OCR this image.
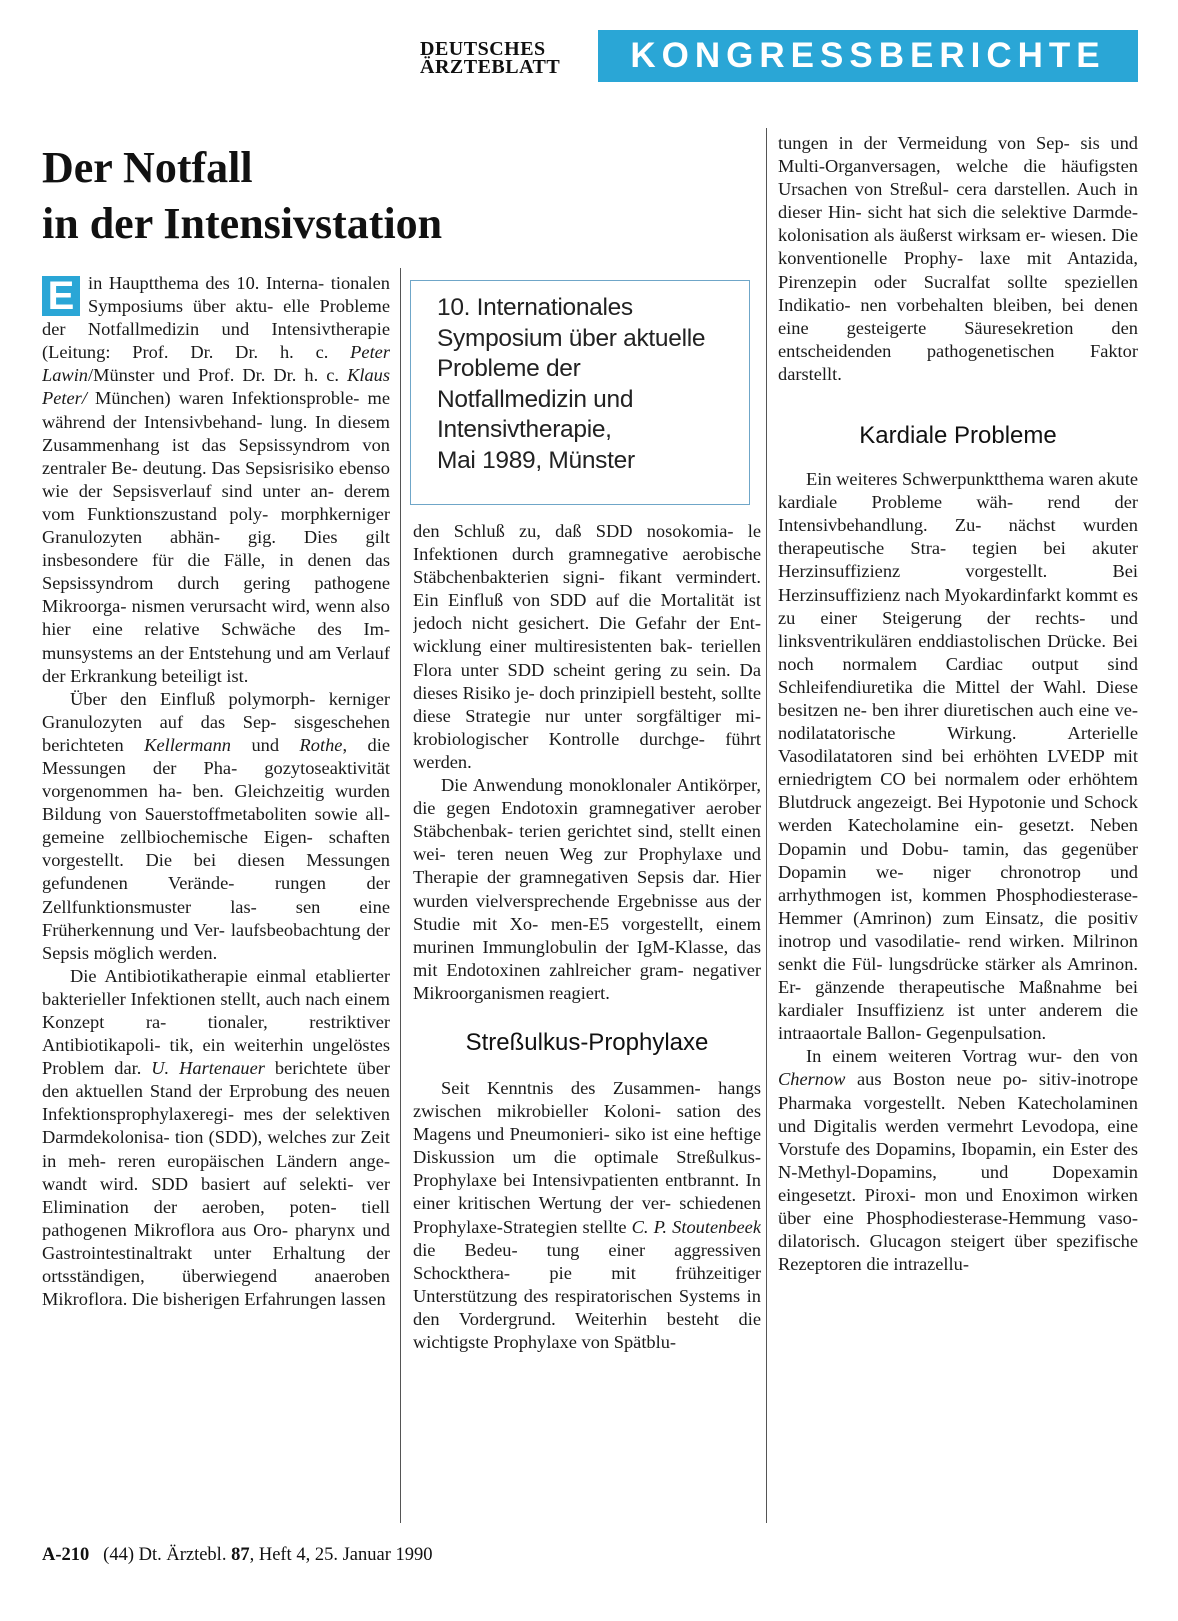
DEUTSCHES
ÄRZTEBLATT	KONGRESSBERICHTE
Der Notfall
in der Intensivstation

E in Hauptthema des 10. Interna- tionalen Symposiums über aktu- elle Probleme der Notfallmedizin und Intensivtherapie (Leitung: Prof. Dr. Dr. h. c. Peter Lawin/Münster und Prof. Dr. Dr. h. c. Klaus Peter/ München) waren Infektionsproble- me während der Intensivbehand- lung. In diesem Zusammenhang ist das Sepsissyndrom von zentraler Be- deutung. Das Sepsisrisiko ebenso wie der Sepsisverlauf sind unter an- derem vom Funktionszustand poly- morphkerniger Granulozyten abhän- gig. Dies gilt insbesondere für die Fälle, in denen das Sepsissyndrom durch gering pathogene Mikroorga- nismen verursacht wird, wenn also hier eine relative Schwäche des Im- munsystems an der Entstehung und am Verlauf der Erkrankung beteiligt ist.

Über den Einfluß polymorph- kerniger Granulozyten auf das Sep- sisgeschehen berichteten Kellermann und Rothe, die Messungen der Pha- gozytoseaktivität vorgenommen ha- ben. Gleichzeitig wurden Bildung von Sauerstoffmetaboliten sowie all- gemeine zellbiochemische Eigen- schaften vorgestellt. Die bei diesen Messungen gefundenen Verände- rungen der Zellfunktionsmuster las- sen eine Früherkennung und Ver- laufsbeobachtung der Sepsis möglich werden.

Die Antibiotikatherapie einmal etablierter bakterieller Infektionen stellt, auch nach einem Konzept ra- tionaler, restriktiver Antibiotikapoli- tik, ein weiterhin ungelöstes Problem dar. U. Hartenauer berichtete über den aktuellen Stand der Erprobung des neuen Infektionsprophylaxeregi- mes der selektiven Darmdekolonisa- tion (SDD), welches zur Zeit in meh- reren europäischen Ländern ange- wandt wird. SDD basiert auf selekti- ver Elimination der aeroben, poten- tiell pathogenen Mikroflora aus Oro- pharynx und Gastrointestinaltrakt unter Erhaltung der ortsständigen, überwiegend anaeroben Mikroflora. Die bisherigen Erfahrungen lassen

10. Internationales
Symposium über aktuelle
Probleme der
Notfallmedizin und
Intensivtherapie,
Mai 1989, Münster

den Schluß zu, daß SDD nosokomia- le Infektionen durch gramnegative aerobische Stäbchenbakterien signi- fikant vermindert. Ein Einfluß von SDD auf die Mortalität ist jedoch nicht gesichert. Die Gefahr der Ent- wicklung einer multiresistenten bak- teriellen Flora unter SDD scheint gering zu sein. Da dieses Risiko je- doch prinzipiell besteht, sollte diese Strategie nur unter sorgfältiger mi- krobiologischer Kontrolle durchge- führt werden.

Die Anwendung monoklonaler Antikörper, die gegen Endotoxin gramnegativer aerober Stäbchenbak- terien gerichtet sind, stellt einen wei- teren neuen Weg zur Prophylaxe und Therapie der gramnegativen Sepsis dar. Hier wurden vielversprechende Ergebnisse aus der Studie mit Xo- men-E5 vorgestellt, einem murinen Immunglobulin der IgM-Klasse, das mit Endotoxinen zahlreicher gram- negativer Mikroorganismen reagiert.

Streßulkus-Prophylaxe

Seit Kenntnis des Zusammen- hangs zwischen mikrobieller Koloni- sation des Magens und Pneumonieri- siko ist eine heftige Diskussion um die optimale Streßulkus-Prophylaxe bei Intensivpatienten entbrannt. In einer kritischen Wertung der ver- schiedenen Prophylaxe-Strategien stellte C. P. Stoutenbeek die Bedeu- tung einer aggressiven Schockthera- pie mit frühzeitiger Unterstützung des respiratorischen Systems in den Vordergrund. Weiterhin besteht die wichtigste Prophylaxe von Spätblu-

tungen in der Vermeidung von Sep- sis und Multi-Organversagen, welche die häufigsten Ursachen von Streßul- cera darstellen. Auch in dieser Hin- sicht hat sich die selektive Darmde- kolonisation als äußerst wirksam er- wiesen. Die konventionelle Prophy- laxe mit Antazida, Pirenzepin oder Sucralfat sollte speziellen Indikatio- nen vorbehalten bleiben, bei denen eine gesteigerte Säuresekretion den entscheidenden pathogenetischen Faktor darstellt.

Kardiale Probleme

Ein weiteres Schwerpunktthema waren akute kardiale Probleme wäh- rend der Intensivbehandlung. Zu- nächst wurden therapeutische Stra- tegien bei akuter Herzinsuffizienz vorgestellt. Bei Herzinsuffizienz nach Myokardinfarkt kommt es zu einer Steigerung der rechts- und linksventrikulären enddiastolischen Drücke. Bei noch normalem Cardiac output sind Schleifendiuretika die Mittel der Wahl. Diese besitzen ne- ben ihrer diuretischen auch eine ve- nodilatatorische Wirkung. Arterielle Vasodilatatoren sind bei erhöhten LVEDP mit erniedrigtem CO bei normalem oder erhöhtem Blutdruck angezeigt. Bei Hypotonie und Schock werden Katecholamine ein- gesetzt. Neben Dopamin und Dobu- tamin, das gegenüber Dopamin we- niger chronotrop und arrhythmogen ist, kommen Phosphodiesterase- Hemmer (Amrinon) zum Einsatz, die positiv inotrop und vasodilatie- rend wirken. Milrinon senkt die Fül- lungsdrücke stärker als Amrinon. Er- gänzende therapeutische Maßnahme bei kardialer Insuffizienz ist unter anderem die intraaortale Ballon- Gegenpulsation.

In einem weiteren Vortrag wur- den von Chernow aus Boston neue po- sitiv-inotrope Pharmaka vorgestellt. Neben Katecholaminen und Digitalis werden vermehrt Levodopa, eine Vorstufe des Dopamins, Ibopamin, ein Ester des N-Methyl-Dopamins, und Dopexamin eingesetzt. Piroxi- mon und Enoximon wirken über eine Phosphodiesterase-Hemmung vaso- dilatorisch. Glucagon steigert über spezifische Rezeptoren die intrazellu-

A-210 (44) Dt. Ärztebl. 87, Heft 4, 25. Januar 1990
